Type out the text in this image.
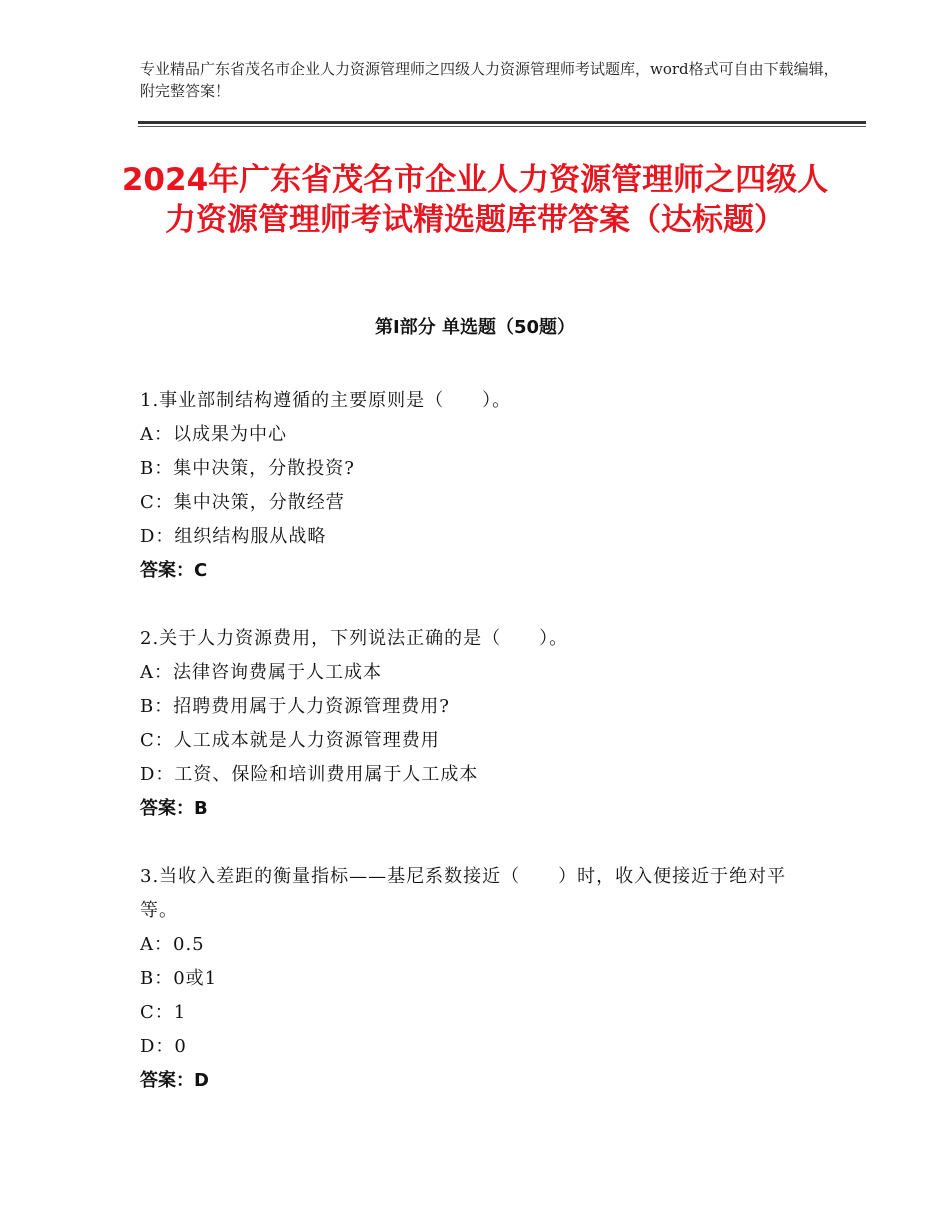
专业精品广东省茂名市企业人力资源管理师之四级人力资源管理师考试题库，word格式可自由下载编辑，附完整答案！
2024年广东省茂名市企业人力资源管理师之四级人力资源管理师考试精选题库带答案（达标题）
第Ⅰ部分 单选题（50题）
1.事业部制结构遵循的主要原则是（　　）。
A：以成果为中心
B：集中决策，分散投资?
C：集中决策，分散经营
D：组织结构服从战略
答案：C
2.关于人力资源费用，下列说法正确的是（　　）。
A：法律咨询费属于人工成本
B：招聘费用属于人力资源管理费用?
C：人工成本就是人力资源管理费用
D：工资、保险和培训费用属于人工成本
答案：B
3.当收入差距的衡量指标——基尼系数接近（　　）时，收入便接近于绝对平等。
A：0.5
B：0或1
C：1
D：0
答案：D
